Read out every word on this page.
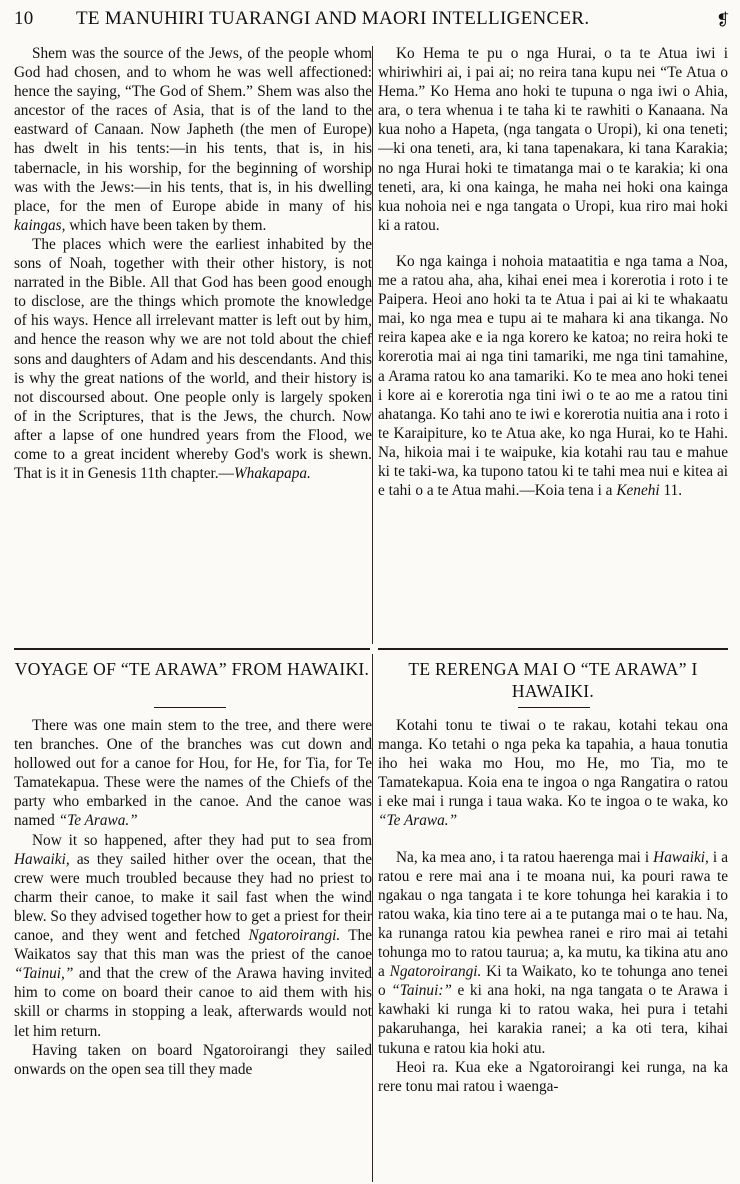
10 TE MANUHIRI TUARANGI AND MAORI INTELLIGENCER.	❡

Shem was the source of the Jews, of the people whom God had chosen, and to whom he was well affectioned: hence the saying, “The God of Shem.” Shem was also the ancestor of the races of Asia, that is of the land to the eastward of Canaan. Now Japheth (the men of Europe) has dwelt in his tents:—in his tents, that is, in his tabernacle, in his worship, for the beginning of worship was with the Jews:—in his tents, that is, in his dwelling place, for the men of Europe abide in many of his kaingas, which have been taken by them.

The places which were the earliest inhabited by the sons of Noah, together with their other history, is not narrated in the Bible. All that God has been good enough to disclose, are the things which promote the knowledge of his ways. Hence all irrelevant matter is left out by him, and hence the reason why we are not told about the chief sons and daughters of Adam and his descendants. And this is why the great nations of the world, and their history is not discoursed about. One people only is largely spoken of in the Scriptures, that is the Jews, the church. Now after a lapse of one hundred years from the Flood, we come to a great incident whereby God's work is shewn. That is it in Genesis 11th chapter.—Whakapapa.

Ko Hema te pu o nga Hurai, o ta te Atua iwi i whiriwhiri ai, i pai ai; no reira tana kupu nei “Te Atua o Hema.” Ko Hema ano hoki te tupuna o nga iwi o Ahia, ara, o tera whenua i te taha ki te rawhiti o Kanaana. Na kua noho a Hapeta, (nga tangata o Uropi), ki ona teneti;—ki ona teneti, ara, ki tana tapenakara, ki tana Karakia; no nga Hurai hoki te timatanga mai o te karakia; ki ona teneti, ara, ki ona kainga, he maha nei hoki ona kainga kua nohoia nei e nga tangata o Uropi, kua riro mai hoki ki a ratou.

Ko nga kainga i nohoia mataatitia e nga tama a Noa, me a ratou aha, aha, kihai enei mea i korerotia i roto i te Paipera. Heoi ano hoki ta te Atua i pai ai ki te whakaatu mai, ko nga mea e tupu ai te mahara ki ana tikanga. No reira kapea ake e ia nga korero ke katoa; no reira hoki te korerotia mai ai nga tini tamariki, me nga tini tamahine, a Arama ratou ko ana tamariki. Ko te mea ano hoki tenei i kore ai e korerotia nga tini iwi o te ao me a ratou tini ahatanga. Ko tahi ano te iwi e korerotia nuitia ana i roto i te Karaipiture, ko te Atua ake, ko nga Hurai, ko te Hahi. Na, hikoia mai i te waipuke, kia kotahi rau tau e mahue ki te taki-wa, ka tupono tatou ki te tahi mea nui e kitea ai e tahi o a te Atua mahi.—Koia tena i a Kenehi 11.

VOYAGE OF “TE ARAWA” FROM HAWAIKI.	TE RERENGA MAI O “TE ARAWA” I HAWAIKI.

There was one main stem to the tree, and there were ten branches. One of the branches was cut down and hollowed out for a canoe for Hou, for He, for Tia, for Te Tamatekapua. These were the names of the Chiefs of the party who embarked in the canoe. And the canoe was named “Te Arawa.”

Now it so happened, after they had put to sea from Hawaiki, as they sailed hither over the ocean, that the crew were much troubled because they had no priest to charm their canoe, to make it sail fast when the wind blew. So they advised together how to get a priest for their canoe, and they went and fetched Ngatoroirangi. The Waikatos say that this man was the priest of the canoe “Tainui,” and that the crew of the Arawa having invited him to come on board their canoe to aid them with his skill or charms in stopping a leak, afterwards would not let him return.

Having taken on board Ngatoroirangi they sailed onwards on the open sea till they made

Kotahi tonu te tiwai o te rakau, kotahi tekau ona manga. Ko tetahi o nga peka ka tapahia, a haua tonutia iho hei waka mo Hou, mo He, mo Tia, mo te Tamatekapua. Koia ena te ingoa o nga Rangatira o ratou i eke mai i runga i taua waka. Ko te ingoa o te waka, ko “Te Arawa.”

Na, ka mea ano, i ta ratou haerenga mai i Hawaiki, i a ratou e rere mai ana i te moana nui, ka pouri rawa te ngakau o nga tangata i te kore tohunga hei karakia i to ratou waka, kia tino tere ai a te putanga mai o te hau. Na, ka runanga ratou kia pewhea ranei e riro mai ai tetahi tohunga mo to ratou taurua; a, ka mutu, ka tikina atu ano a Ngatoroirangi. Ki ta Waikato, ko te tohunga ano tenei o “Tainui:” e ki ana hoki, na nga tangata o te Arawa i kawhaki ki runga ki to ratou waka, hei pura i tetahi pakaruhanga, hei karakia ranei; a ka oti tera, kihai tukuna e ratou kia hoki atu.

Heoi ra. Kua eke a Ngatoroirangi kei runga, na ka rere tonu mai ratou i waenga-
